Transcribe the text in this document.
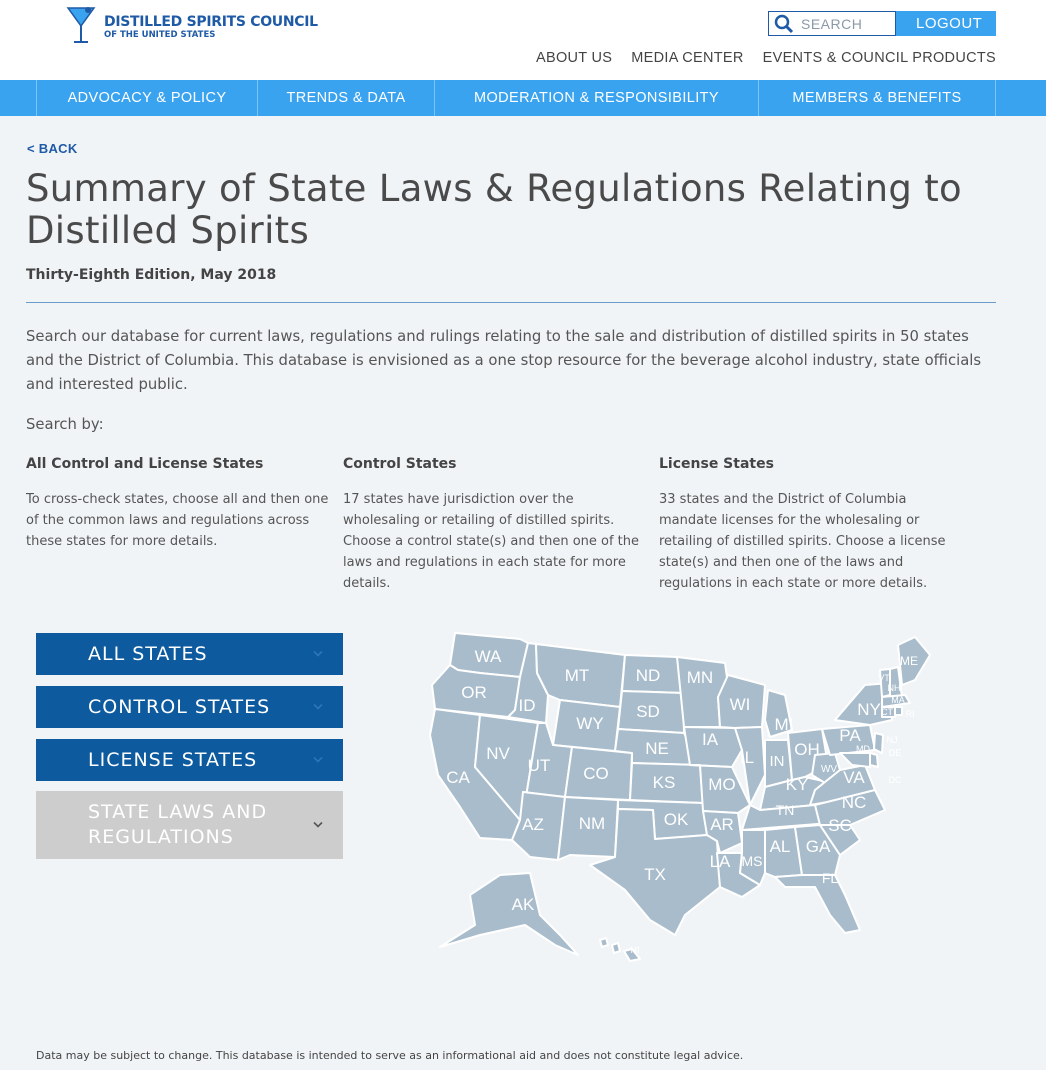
DISTILLED SPIRITS COUNCIL
OF THE UNITED STATES
SEARCH
LOGOUT
ABOUT US MEDIA CENTER EVENTS & COUNCIL PRODUCTS
ADVOCACY & POLICY	TRENDS & DATA	MODERATION & RESPONSIBILITY	MEMBERS & BENEFITS
< BACK
Summary of State Laws & Regulations Relating to Distilled Spirits
Thirty-Eighth Edition, May 2018

Search our database for current laws, regulations and rulings relating to the sale and distribution of distilled spirits in 50 states and the District of Columbia. This database is envisioned as a one stop resource for the beverage alcohol industry, state officials and interested public.

Search by:
All Control and License States

To cross-check states, choose all and then one of the common laws and regulations across these states for more details.

Control States

17 states have jurisdiction over the wholesaling or retailing of distilled spirits. Choose a control state(s) and then one of the laws and regulations in each state for more details.

License States

33 states and the District of Columbia mandate licenses for the wholesaling or retailing of distilled spirits. Choose a license state(s) and then one of the laws and regulations in each state or more details.

ALL STATES
CONTROL STATES
LICENSE STATES
STATE LAWS AND REGULATIONS
WA
OR
CA
ID
NV
MT
WY
UT
AZ
CO
NM
ND
SD
NE
KS
OK
TX
MN
IA
MO
AR
LA
WI
IL
MS
MI
IN
KY
TN
AL
OH
GA
FL
PA
NY
VA
NC
SC
WV
ME
VT
NH
MA
RI
CT
NJ
DE
MD
DC
AK
HI
Data may be subject to change. This database is intended to serve as an informational aid and does not constitute legal advice.
